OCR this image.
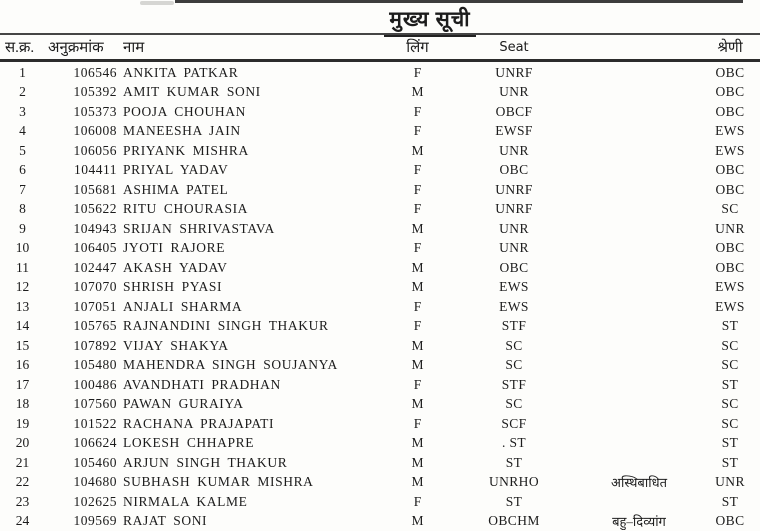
मुख्य सूची
स.क्र. अनुक्रमांक	नाम	लिंग	Seat	श्रेणी
1	106546 ANKITA PATKAR	F	UNRF	OBC
2	105392 AMIT KUMAR SONI	M	UNR	OBC
3	105373 POOJA CHOUHAN	F	OBCF	OBC
4	106008 MANEESHA JAIN	F	EWSF	EWS
5	106056 PRIYANK MISHRA	M	UNR	EWS
6	104411 PRIYAL YADAV	F	OBC	OBC
7	105681 ASHIMA PATEL	F	UNRF	OBC
8	105622 RITU CHOURASIA	F	UNRF	SC
9	104943 SRIJAN SHRIVASTAVA	M	UNR	UNR
10	106405 JYOTI RAJORE	F	UNR	OBC
11	102447 AKASH YADAV	M	OBC	OBC
12	107070 SHRISH PYASI	M	EWS	EWS
13	107051 ANJALI SHARMA	F	EWS	EWS
14	105765 RAJNANDINI SINGH THAKUR	F	STF	ST
15	107892 VIJAY SHAKYA	M	SC	SC
16	105480 MAHENDRA SINGH SOUJANYA	M	SC	SC
17	100486 AVANDHATI PRADHAN	F	STF	ST
18	107560 PAWAN GURAIYA	M	SC	SC
19	101522 RACHANA PRAJAPATI	F	SCF	SC
20	106624 LOKESH CHHAPRE	M	. ST	ST
21	105460 ARJUN SINGH THAKUR	M	ST	ST
22	104680 SUBHASH KUMAR MISHRA	M	UNRHO	अस्थिबाधित	UNR
23	102625 NIRMALA KALME	F	ST	ST
24	109569 RAJAT SONI	M	OBCHM	बहु–दिव्यांग	OBC
